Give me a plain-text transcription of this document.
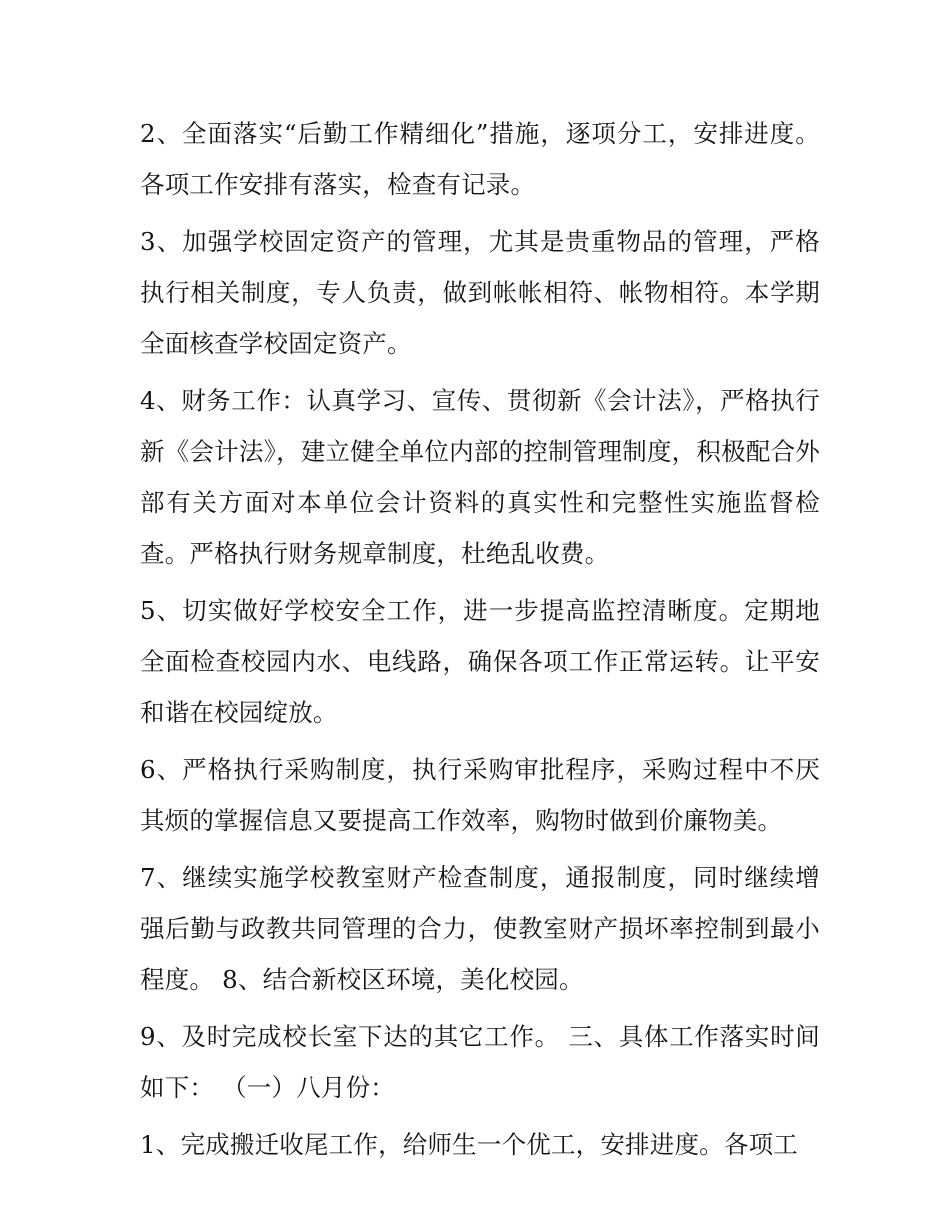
2、全面落实“后勤工作精细化”措施，逐项分工，安排进度。各项工作安排有落实，检查有记录。

3、加强学校固定资产的管理，尤其是贵重物品的管理，严格执行相关制度，专人负责，做到帐帐相符、帐物相符。本学期全面核查学校固定资产。

4、财务工作：认真学习、宣传、贯彻新《会计法》，严格执行新《会计法》，建立健全单位内部的控制管理制度，积极配合外部有关方面对本单位会计资料的真实性和完整性实施监督检查。严格执行财务规章制度，杜绝乱收费。

5、切实做好学校安全工作，进一步提高监控清晰度。定期地全面检查校园内水、电线路，确保各项工作正常运转。让平安和谐在校园绽放。

6、严格执行采购制度，执行采购审批程序，采购过程中不厌其烦的掌握信息又要提高工作效率，购物时做到价廉物美。

7、继续实施学校教室财产检查制度，通报制度，同时继续增强后勤与政教共同管理的合力，使教室财产损坏率控制到最小程度。 8、结合新校区环境，美化校园。

9、及时完成校长室下达的其它工作。 三、具体工作落实时间如下： （一）八月份：

1、完成搬迁收尾工作，给师生一个优工，安排进度。各项工
